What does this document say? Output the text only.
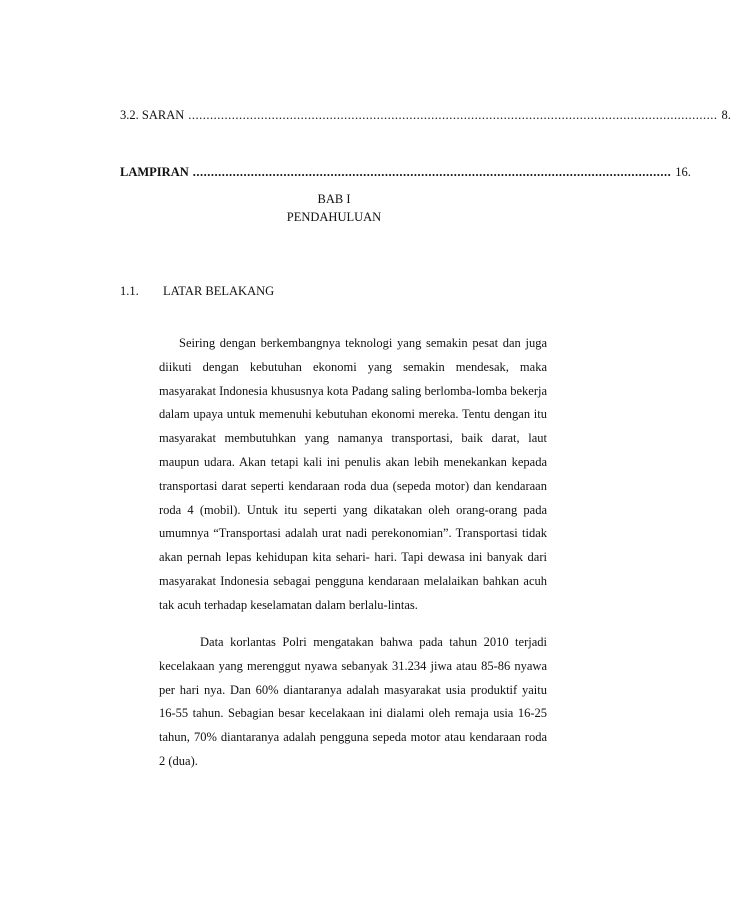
3.2. SARAN .................................................................................................................................................. 8.
LAMPIRAN .................................................................................................................................... 16.
BAB I
PENDAHULUAN
1.1. LATAR BELAKANG

Seiring dengan berkembangnya teknologi yang semakin pesat dan juga diikuti dengan kebutuhan ekonomi yang semakin mendesak, maka masyarakat Indonesia khususnya kota Padang saling berlomba-lomba bekerja dalam upaya untuk memenuhi kebutuhan ekonomi mereka. Tentu dengan itu masyarakat membutuhkan yang namanya transportasi, baik darat, laut maupun udara. Akan tetapi kali ini penulis akan lebih menekankan kepada transportasi darat seperti kendaraan roda dua (sepeda motor) dan kendaraan roda 4 (mobil). Untuk itu seperti yang dikatakan oleh orang-orang pada umumnya “Transportasi adalah urat nadi perekonomian”. Transportasi tidak akan pernah lepas kehidupan kita sehari- hari. Tapi dewasa ini banyak dari masyarakat Indonesia sebagai pengguna kendaraan melalaikan bahkan acuh tak acuh terhadap keselamatan dalam berlalu-lintas.

Data korlantas Polri mengatakan bahwa pada tahun 2010 terjadi kecelakaan yang merenggut nyawa sebanyak 31.234 jiwa atau 85-86 nyawa per hari nya. Dan 60% diantaranya adalah masyarakat usia produktif yaitu 16-55 tahun. Sebagian besar kecelakaan ini dialami oleh remaja usia 16-25 tahun, 70% diantaranya adalah pengguna sepeda motor atau kendaraan roda 2 (dua).
